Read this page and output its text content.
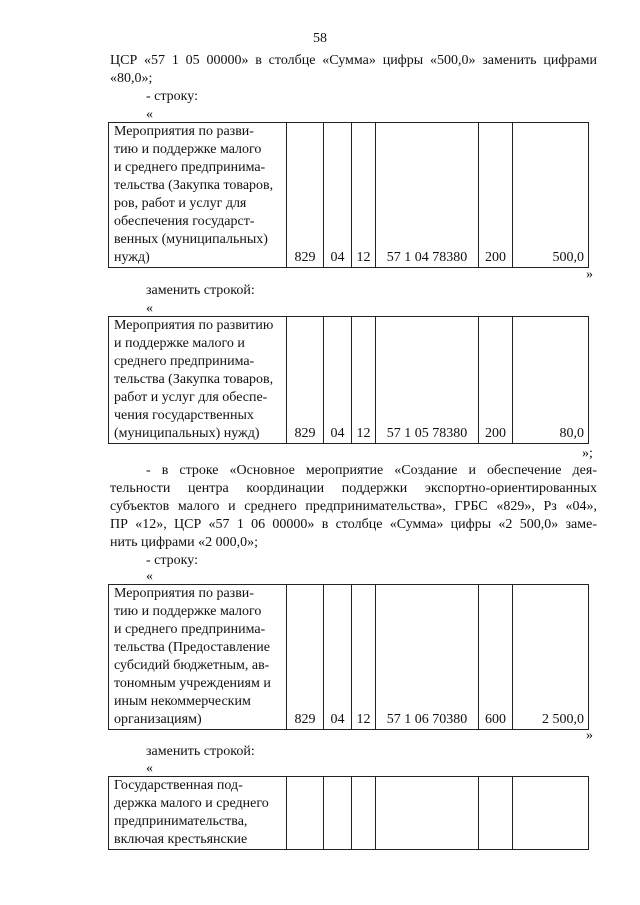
58
ЦСР «57 1 05 00000» в столбце «Сумма» цифры «500,0» заменить цифрами
«80,0»;
- строку:
«
Мероприятия по разви-
тию и поддержке малого
и среднего предпринима-
тельства (Закупка товаров,
ров, работ и услуг для
обеспечения государст-
венных (муниципальных)
нужд)	829	04	12	57 1 04 78380	200	500,0
»
заменить строкой:
«
Мероприятия по развитию
и поддержке малого и
среднего предпринима-
тельства (Закупка товаров,
работ и услуг для обеспе-
чения государственных
(муниципальных) нужд)	829	04	12	57 1 05 78380	200	80,0
»;
- в строке «Основное мероприятие «Создание и обеспечение дея-
тельности центра координации поддержки экспортно-ориентированных
субъектов малого и среднего предпринимательства», ГРБС «829», Рз «04»,
ПР «12», ЦСР «57 1 06 00000» в столбце «Сумма» цифры «2 500,0» заме-
нить цифрами «2 000,0»;
- строку:
«
Мероприятия по разви-
тию и поддержке малого
и среднего предпринима-
тельства (Предоставление
субсидий бюджетным, ав-
тономным учреждениям и
иным некоммерческим
организациям)	829	04	12	57 1 06 70380	600	2 500,0
»
заменить строкой:
«
Государственная под-
держка малого и среднего
предпринимательства,
включая крестьянские
